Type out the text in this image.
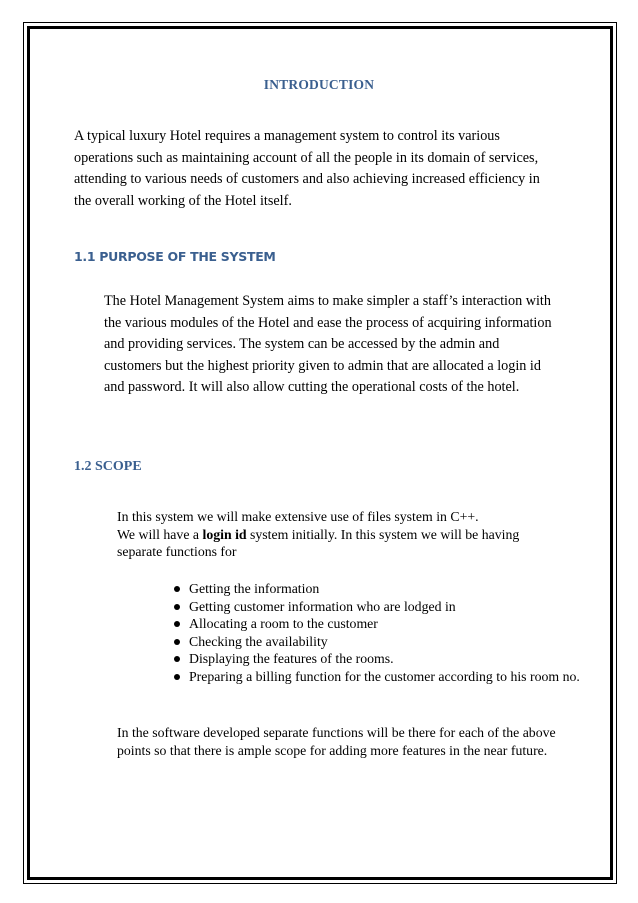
INTRODUCTION

A typical luxury Hotel requires a management system to control its various operations such as maintaining account of all the people in its domain of services, attending to various needs of customers and also achieving increased efficiency in the overall working of the Hotel itself.

1.1 PURPOSE OF THE SYSTEM

The Hotel Management System aims to make simpler a staff’s interaction with the various modules of the Hotel and ease the process of acquiring information and providing services. The system can be accessed by the admin and customers but the highest priority given to admin that are allocated a login id and password. It will also allow cutting the operational costs of the hotel.

1.2 SCOPE

In this system we will make extensive use of files system in C++.

We will have a login id system initially. In this system we will be having separate functions for

Getting the information
Getting customer information who are lodged in
Allocating a room to the customer
Checking the availability
Displaying the features of the rooms.
Preparing a billing function for the customer according to his room no.

In the software developed separate functions will be there for each of the above points so that there is ample scope for adding more features in the near future.
